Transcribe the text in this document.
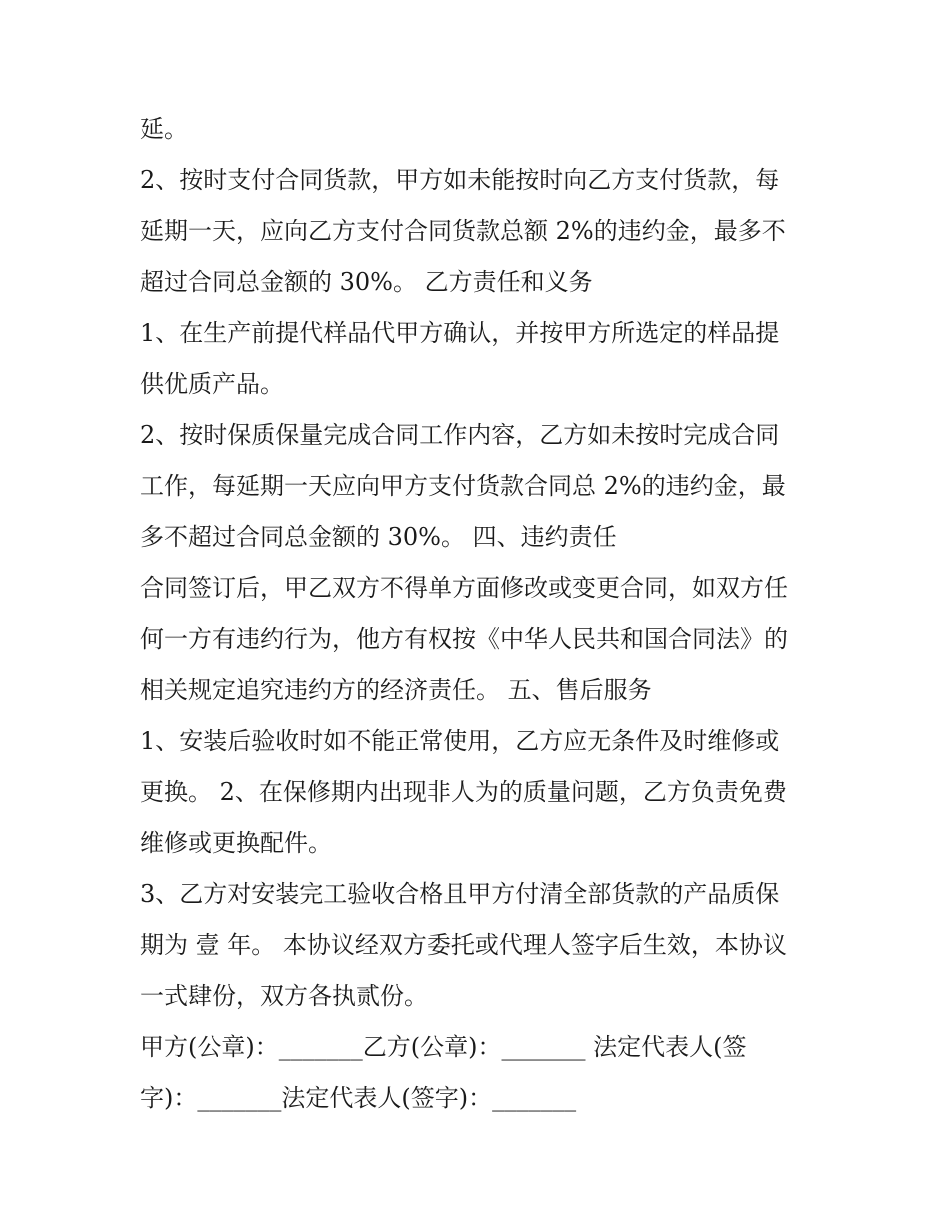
延。
2、按时支付合同货款，甲方如未能按时向乙方支付货款，每
延期一天，应向乙方支付合同货款总额 2%的违约金，最多不
超过合同总金额的 30%。 乙方责任和义务
1、在生产前提代样品代甲方确认，并按甲方所选定的样品提
供优质产品。
2、按时保质保量完成合同工作内容，乙方如未按时完成合同
工作，每延期一天应向甲方支付货款合同总 2%的违约金，最
多不超过合同总金额的 30%。 四、违约责任
合同签订后，甲乙双方不得单方面修改或变更合同，如双方任
何一方有违约行为，他方有权按《中华人民共和国合同法》的
相关规定追究违约方的经济责任。 五、售后服务
1、安装后验收时如不能正常使用，乙方应无条件及时维修或
更换。 2、在保修期内出现非人为的质量问题，乙方负责免费
维修或更换配件。
3、乙方对安装完工验收合格且甲方付清全部货款的产品质保
期为 壹 年。 本协议经双方委托或代理人签字后生效，本协议
一式肆份，双方各执贰份。
甲方(公章)：_______乙方(公章)：_______ 法定代表人(签
字)：_______法定代表人(签字)：_______
